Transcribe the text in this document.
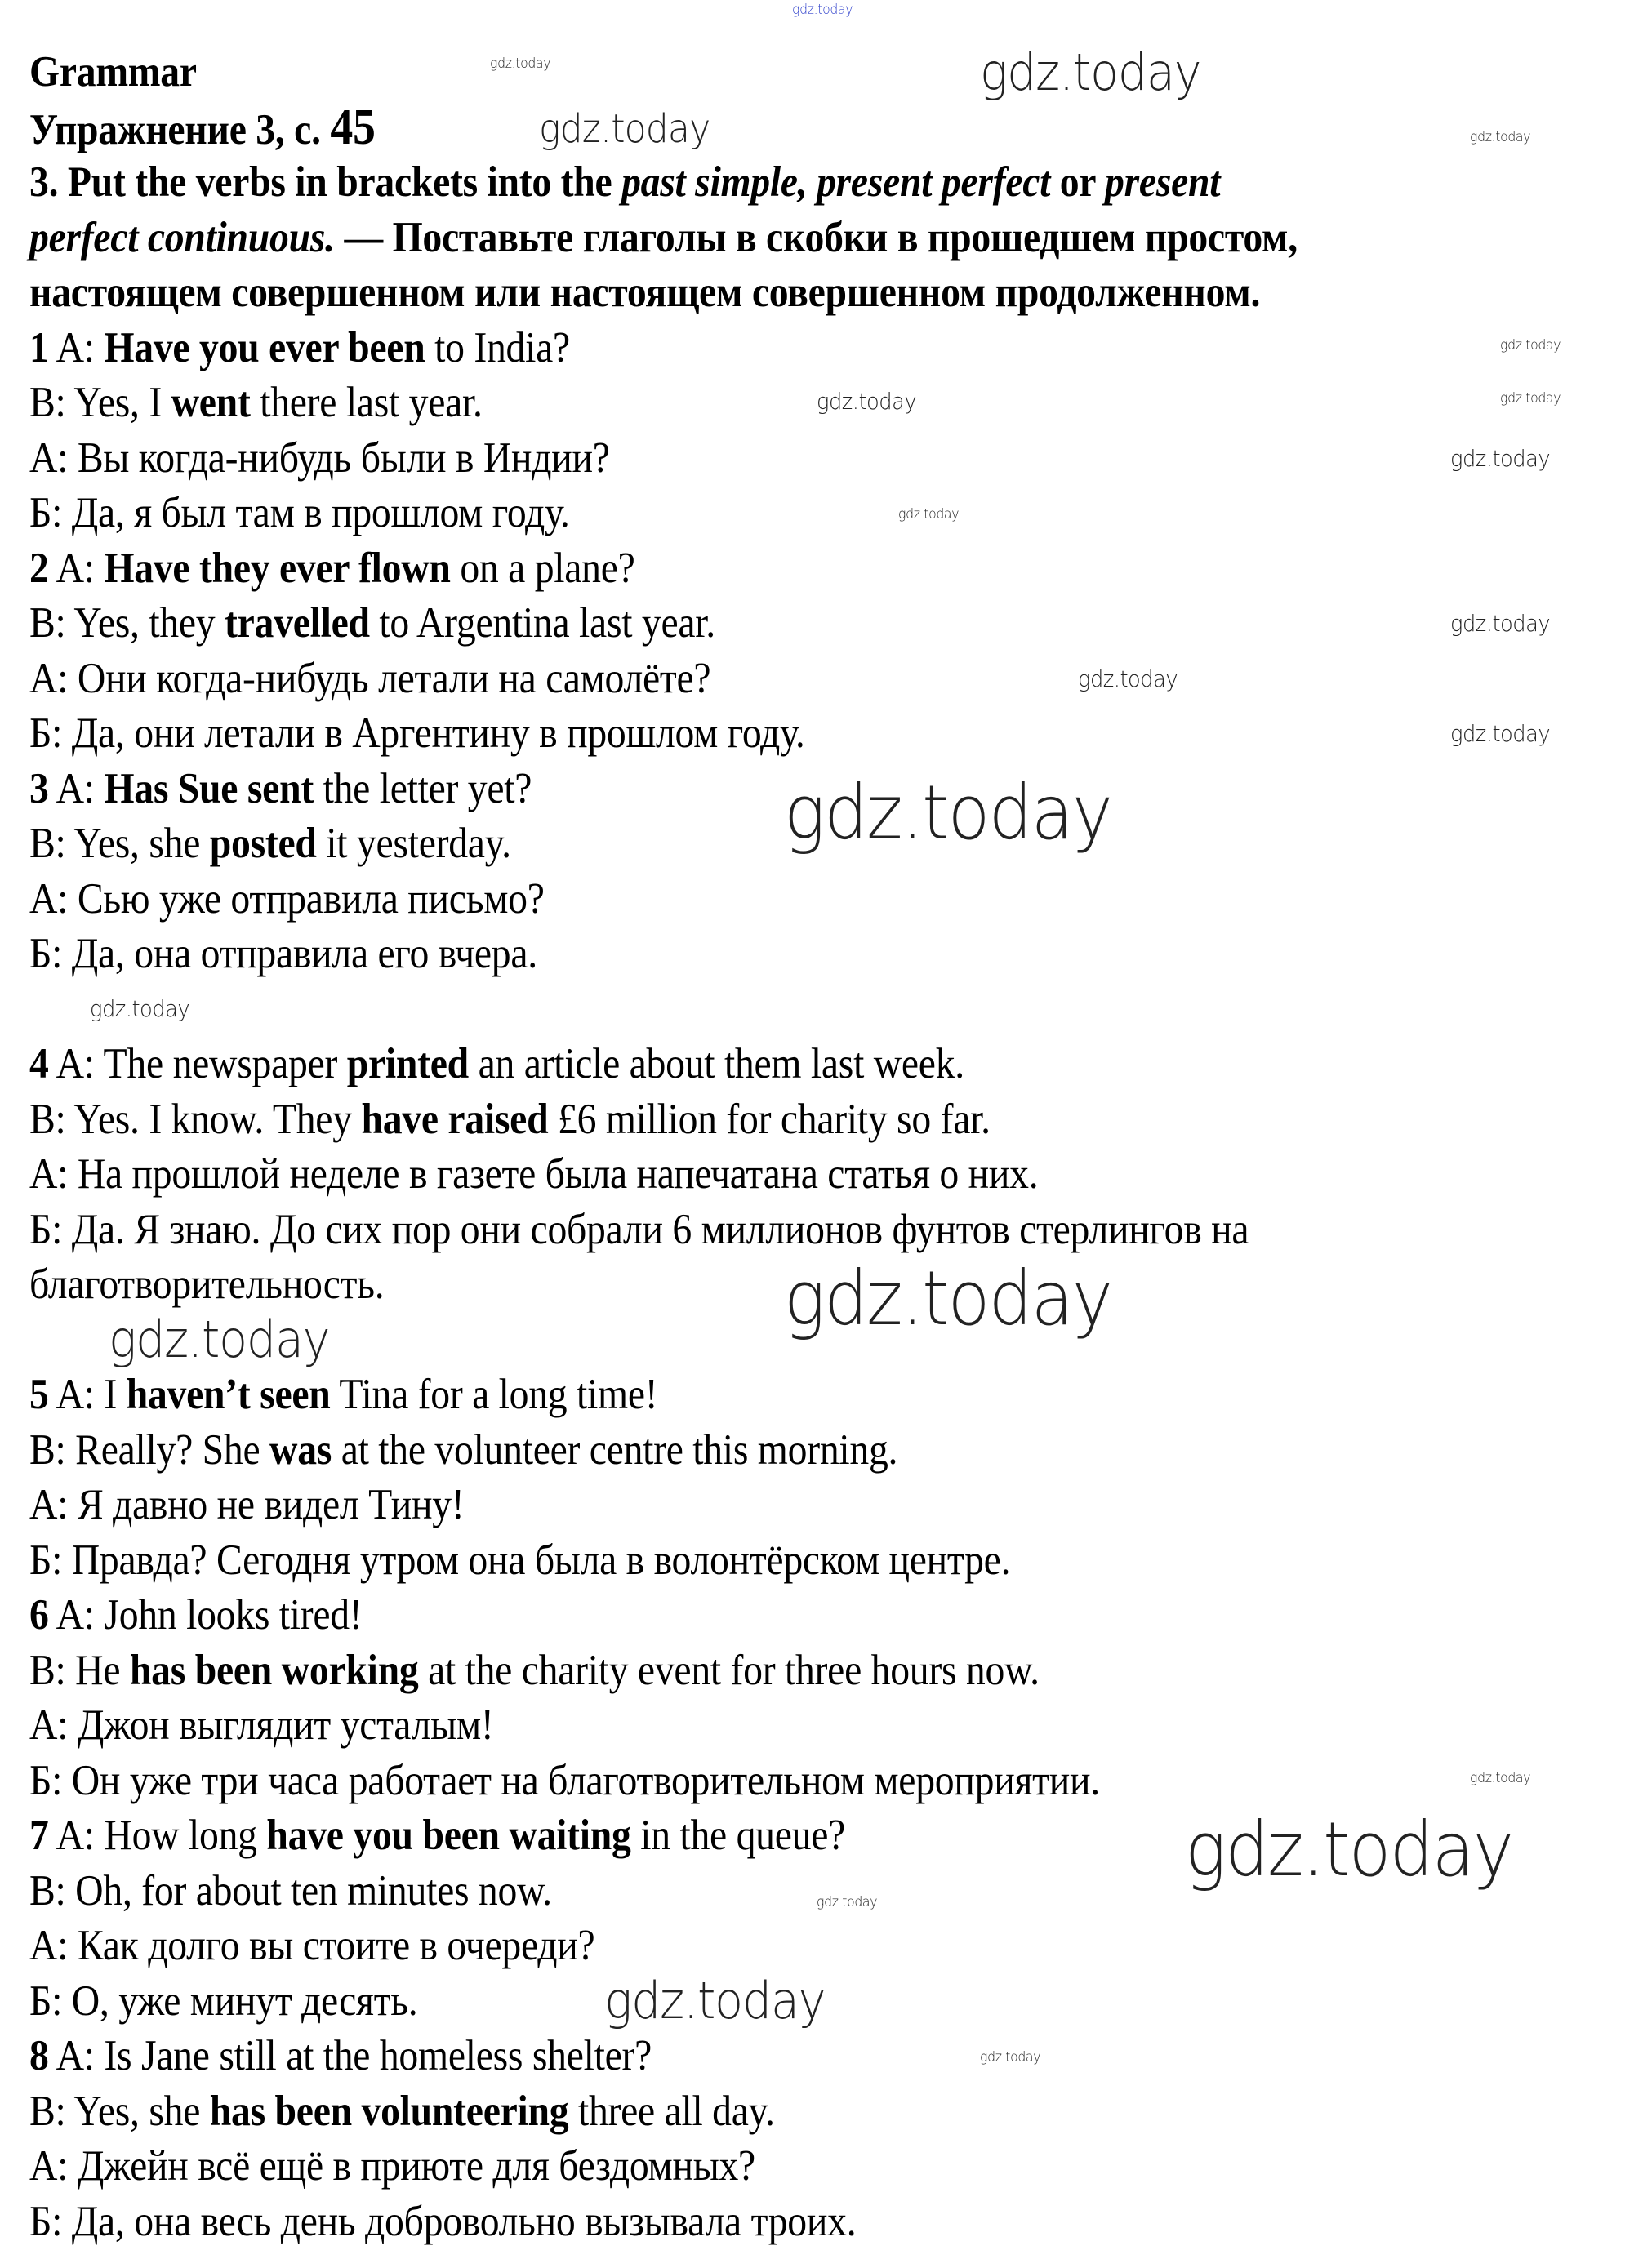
Grammar
Упражнение 3, с. 45
3. Put the verbs in brackets into the past simple, present perfect or present
perfect continuous. — Поставьте глаголы в скобки в прошедшем простом,
настоящем совершенном или настоящем совершенном продолженном.
1 A: Have you ever been to India?
B: Yes, I went there last year.
А: Вы когда-нибудь были в Индии?
Б: Да, я был там в прошлом году.
2 A: Have they ever flown on a plane?
B: Yes, they travelled to Argentina last year.
А: Они когда-нибудь летали на самолёте?
Б: Да, они летали в Аргентину в прошлом году.
3 A: Has Sue sent the letter yet?
B: Yes, she posted it yesterday.
А: Сью уже отправила письмо?
Б: Да, она отправила его вчера.
4 A: The newspaper printed an article about them last week.
B: Yes. I know. They have raised £6 million for charity so far.
А: На прошлой неделе в газете была напечатана статья о них.
Б: Да. Я знаю. До сих пор они собрали 6 миллионов фунтов стерлингов на
благотворительность.
5 A: I haven’t seen Tina for a long time!
B: Really? She was at the volunteer centre this morning.
А: Я давно не видел Тину!
Б: Правда? Сегодня утром она была в волонтёрском центре.
6 A: John looks tired!
B: He has been working at the charity event for three hours now.
А: Джон выглядит усталым!
Б: Он уже три часа работает на благотворительном мероприятии.
7 A: How long have you been waiting in the queue?
B: Oh, for about ten minutes now.
А: Как долго вы стоите в очереди?
Б: О, уже минут десять.
8 A: Is Jane still at the homeless shelter?
B: Yes, she has been volunteering three all day.
А: Джейн всё ещё в приюте для бездомных?
Б: Да, она весь день добровольно вызывала троих.
gdz.today
gdz.today
gdz.today
gdz.today
gdz.today
gdz.today
gdz.today	gdz.today
gdz.today
gdz.today
gdz.today
gdz.today
gdz.today
gdz.today
gdz.today
gdz.today
gdz.today
gdz.today
gdz.today
gdz.today
gdz.today
gdz.today
